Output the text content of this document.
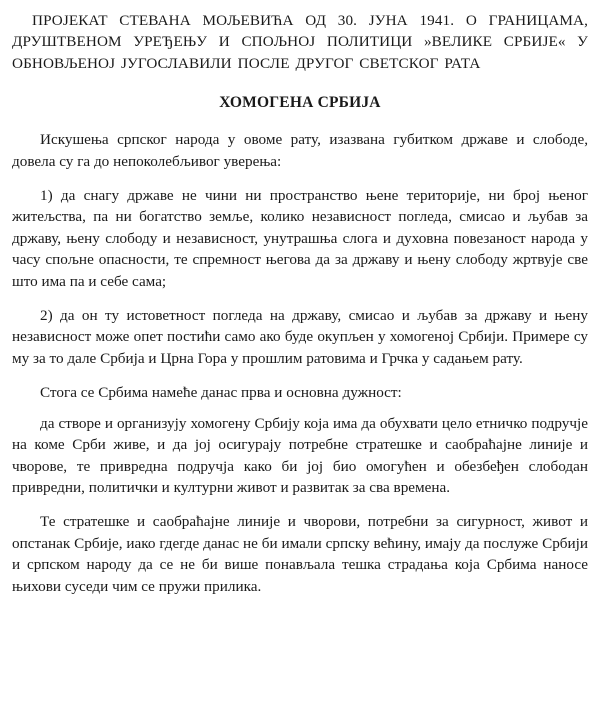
ПРОЈЕКАТ СТЕВАНА МОЉЕВИЋА ОД 30. ЈУНА 1941. О ГРАНИЦАМА, ДРУШТВЕНОМ УРЕЂЕЊУ И СПОЉНОЈ ПОЛИТИЦИ »ВЕЛИКЕ СРБИЈЕ« У ОБНОВЉЕНОЈ ЈУГОСЛАВИЛИ ПОСЛЕ ДРУГОГ СВЕТСКОГ РАТА

ХОМОГЕНА СРБИЈА

Искушења српског народа у овоме рату, изазвана губитком државе и слободе, довела су га до непоколебљивог уверења:

1) да снагу државе не чини ни пространство њене територије, ни број њеног житељства, па ни богатство земље, колико независност погледа, смисао и љубав за државу, њену слободу и независност, унутрашња слога и духовна повезаност народа у часу спољне опасности, те спремност његова да за државу и њену слободу жртвује све што има па и себе сама;

2) да он ту истоветност погледа на државу, смисао и љубав за државу и њену независност може опет постићи само ако буде окупљен у хомогеној Србији. Примере су му за то дале Србија и Црна Гора у прошлим ратовима и Грчка у садањем рату.

Стога се Србима намеће данас прва и основна дужност:

да створе и организују хомогену Србију која има да обухвати цело етничко подручје на коме Срби живе, и да јој осигурају потребне стратешке и саобраћајне линије и чворове, те привредна подручја како би јој био омогућен и обезбеђен слободан привредни, политички и културни живот и развитак за сва времена.

Те стратешке и саобраћајне линије и чворови, потребни за сигурност, живот и опстанак Србије, иако гдегде данас не би имали српску већину, имају да послуже Србији и српском народу да се не би више понављала тешка страдања која Србима наносе њихови суседи чим се пружи прилика.
